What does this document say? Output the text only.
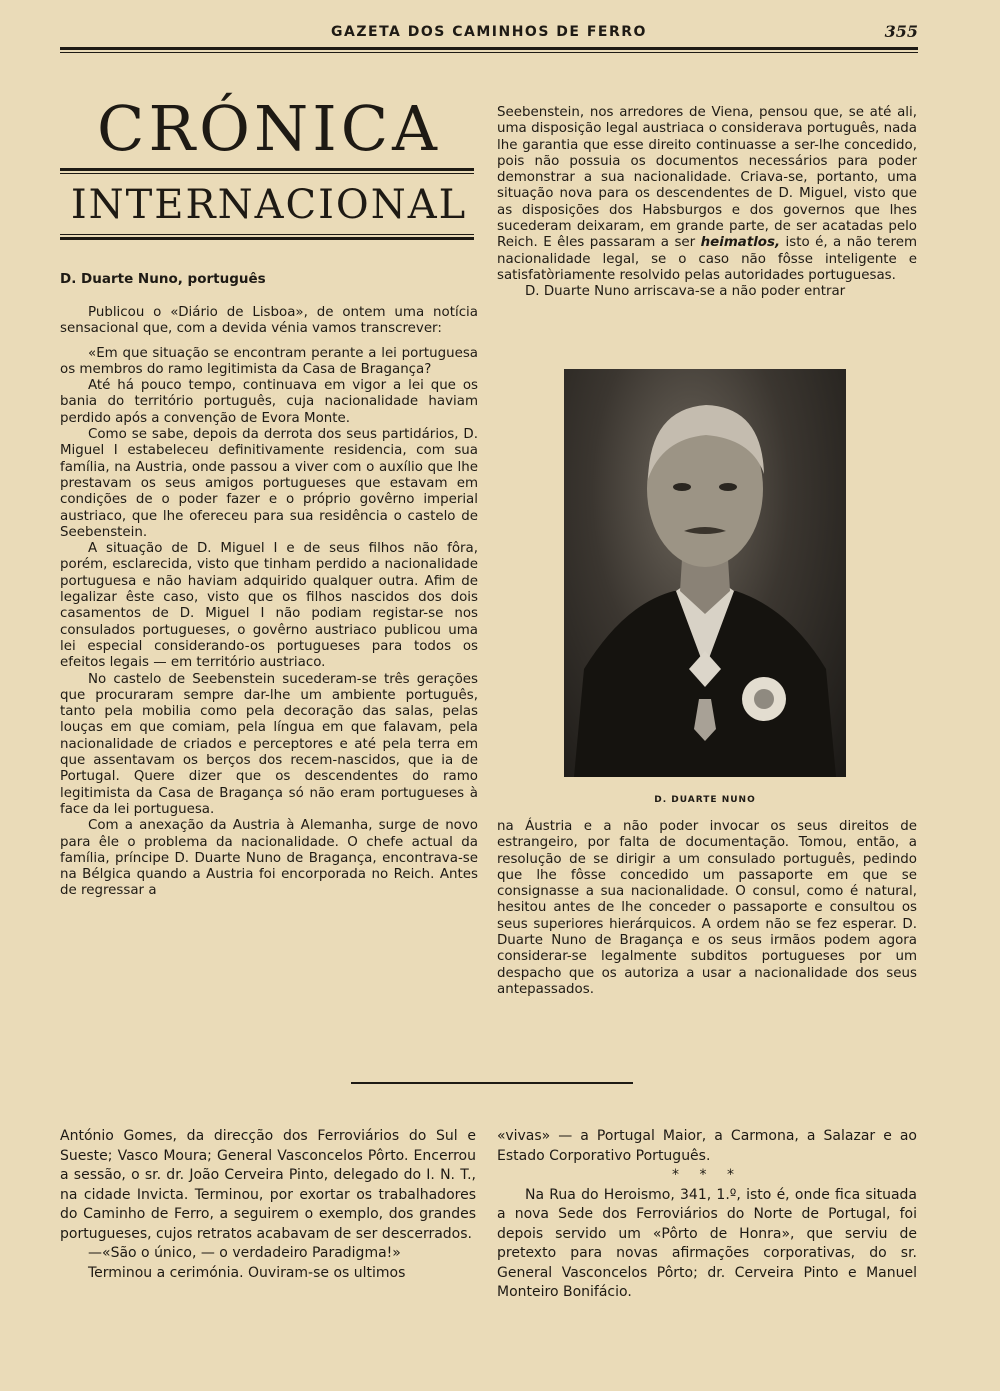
GAZETA DOS CAMINHOS DE FERRO	355
CRÓNICA
INTERNACIONAL
D. Duarte Nuno, português

Publicou o «Diário de Lisboa», de ontem uma notícia sensacional que, com a devida vénia vamos transcrever:

«Em que situação se encontram perante a lei portuguesa os membros do ramo legitimista da Casa de Bragança?

Até há pouco tempo, continuava em vigor a lei que os bania do território português, cuja nacionalidade haviam perdido após a convenção de Evora Monte.

Como se sabe, depois da derrota dos seus partidários, D. Miguel I estabeleceu definitivamente residencia, com sua família, na Austria, onde passou a viver com o auxílio que lhe prestavam os seus amigos portugueses que estavam em condições de o poder fazer e o próprio govêrno imperial austriaco, que lhe ofereceu para sua residência o castelo de Seebenstein.

A situação de D. Miguel I e de seus filhos não fôra, porém, esclarecida, visto que tinham perdido a nacionalidade portuguesa e não haviam adquirido qualquer outra. Afim de legalizar êste caso, visto que os filhos nascidos dos dois casamentos de D. Miguel I não podiam registar-se nos consulados portugueses, o govêrno austriaco publicou uma lei especial considerando-os portugueses para todos os efeitos legais — em território austriaco.

No castelo de Seebenstein sucederam-se três gerações que procuraram sempre dar-lhe um ambiente português, tanto pela mobilia como pela decoração das salas, pelas louças em que comiam, pela língua em que falavam, pela nacionalidade de criados e perceptores e até pela terra em que assentavam os berços dos recem-nascidos, que ia de Portugal. Quere dizer que os descendentes do ramo legitimista da Casa de Bragança só não eram portugueses à face da lei portuguesa.

Com a anexação da Austria à Alemanha, surge de novo para êle o problema da nacionalidade. O chefe actual da família, príncipe D. Duarte Nuno de Bragança, encontrava-se na Bélgica quando a Austria foi encorporada no Reich. Antes de regressar a

Seebenstein, nos arredores de Viena, pensou que, se até ali, uma disposição legal austriaca o considerava português, nada lhe garantia que esse direito continuasse a ser-lhe concedido, pois não possuia os documentos necessários para poder demonstrar a sua nacionalidade. Criava-se, portanto, uma situação nova para os descendentes de D. Miguel, visto que as disposições dos Habsburgos e dos governos que lhes sucederam deixaram, em grande parte, de ser acatadas pelo Reich. E êles passaram a ser heimatlos, isto é, a não terem nacionalidade legal, se o caso não fôsse inteligente e satisfatòriamente resolvido pelas autoridades portuguesas.

D. Duarte Nuno arriscava-se a não poder entrar

D. DUARTE NUNO

na Áustria e a não poder invocar os seus direitos de estrangeiro, por falta de documentação. Tomou, então, a resolução de se dirigir a um consulado português, pedindo que lhe fôsse concedido um passaporte em que se consignasse a sua nacionalidade. O consul, como é natural, hesitou antes de lhe conceder o passaporte e consultou os seus superiores hierárquicos. A ordem não se fez esperar. D. Duarte Nuno de Bragança e os seus irmãos podem agora considerar-se legalmente subditos portugueses por um despacho que os autoriza a usar a nacionalidade dos seus antepassados.

António Gomes, da direcção dos Ferroviários do Sul e Sueste; Vasco Moura; General Vasconcelos Pôrto. Encerrou a sessão, o sr. dr. João Cerveira Pinto, delegado do I. N. T., na cidade Invicta. Terminou, por exortar os trabalhadores do Caminho de Ferro, a seguirem o exemplo, dos grandes portugueses, cujos retratos acabavam de ser descerrados.

—«São o único, — o verdadeiro Paradigma!»

Terminou a cerimónia. Ouviram-se os ultimos

«vivas» — a Portugal Maior, a Carmona, a Salazar e ao Estado Corporativo Português.

* * *

Na Rua do Heroismo, 341, 1.º, isto é, onde fica situada a nova Sede dos Ferroviários do Norte de Portugal, foi depois servido um «Pôrto de Honra», que serviu de pretexto para novas afirmações corporativas, do sr. General Vasconcelos Pôrto; dr. Cerveira Pinto e Manuel Monteiro Bonifácio.
